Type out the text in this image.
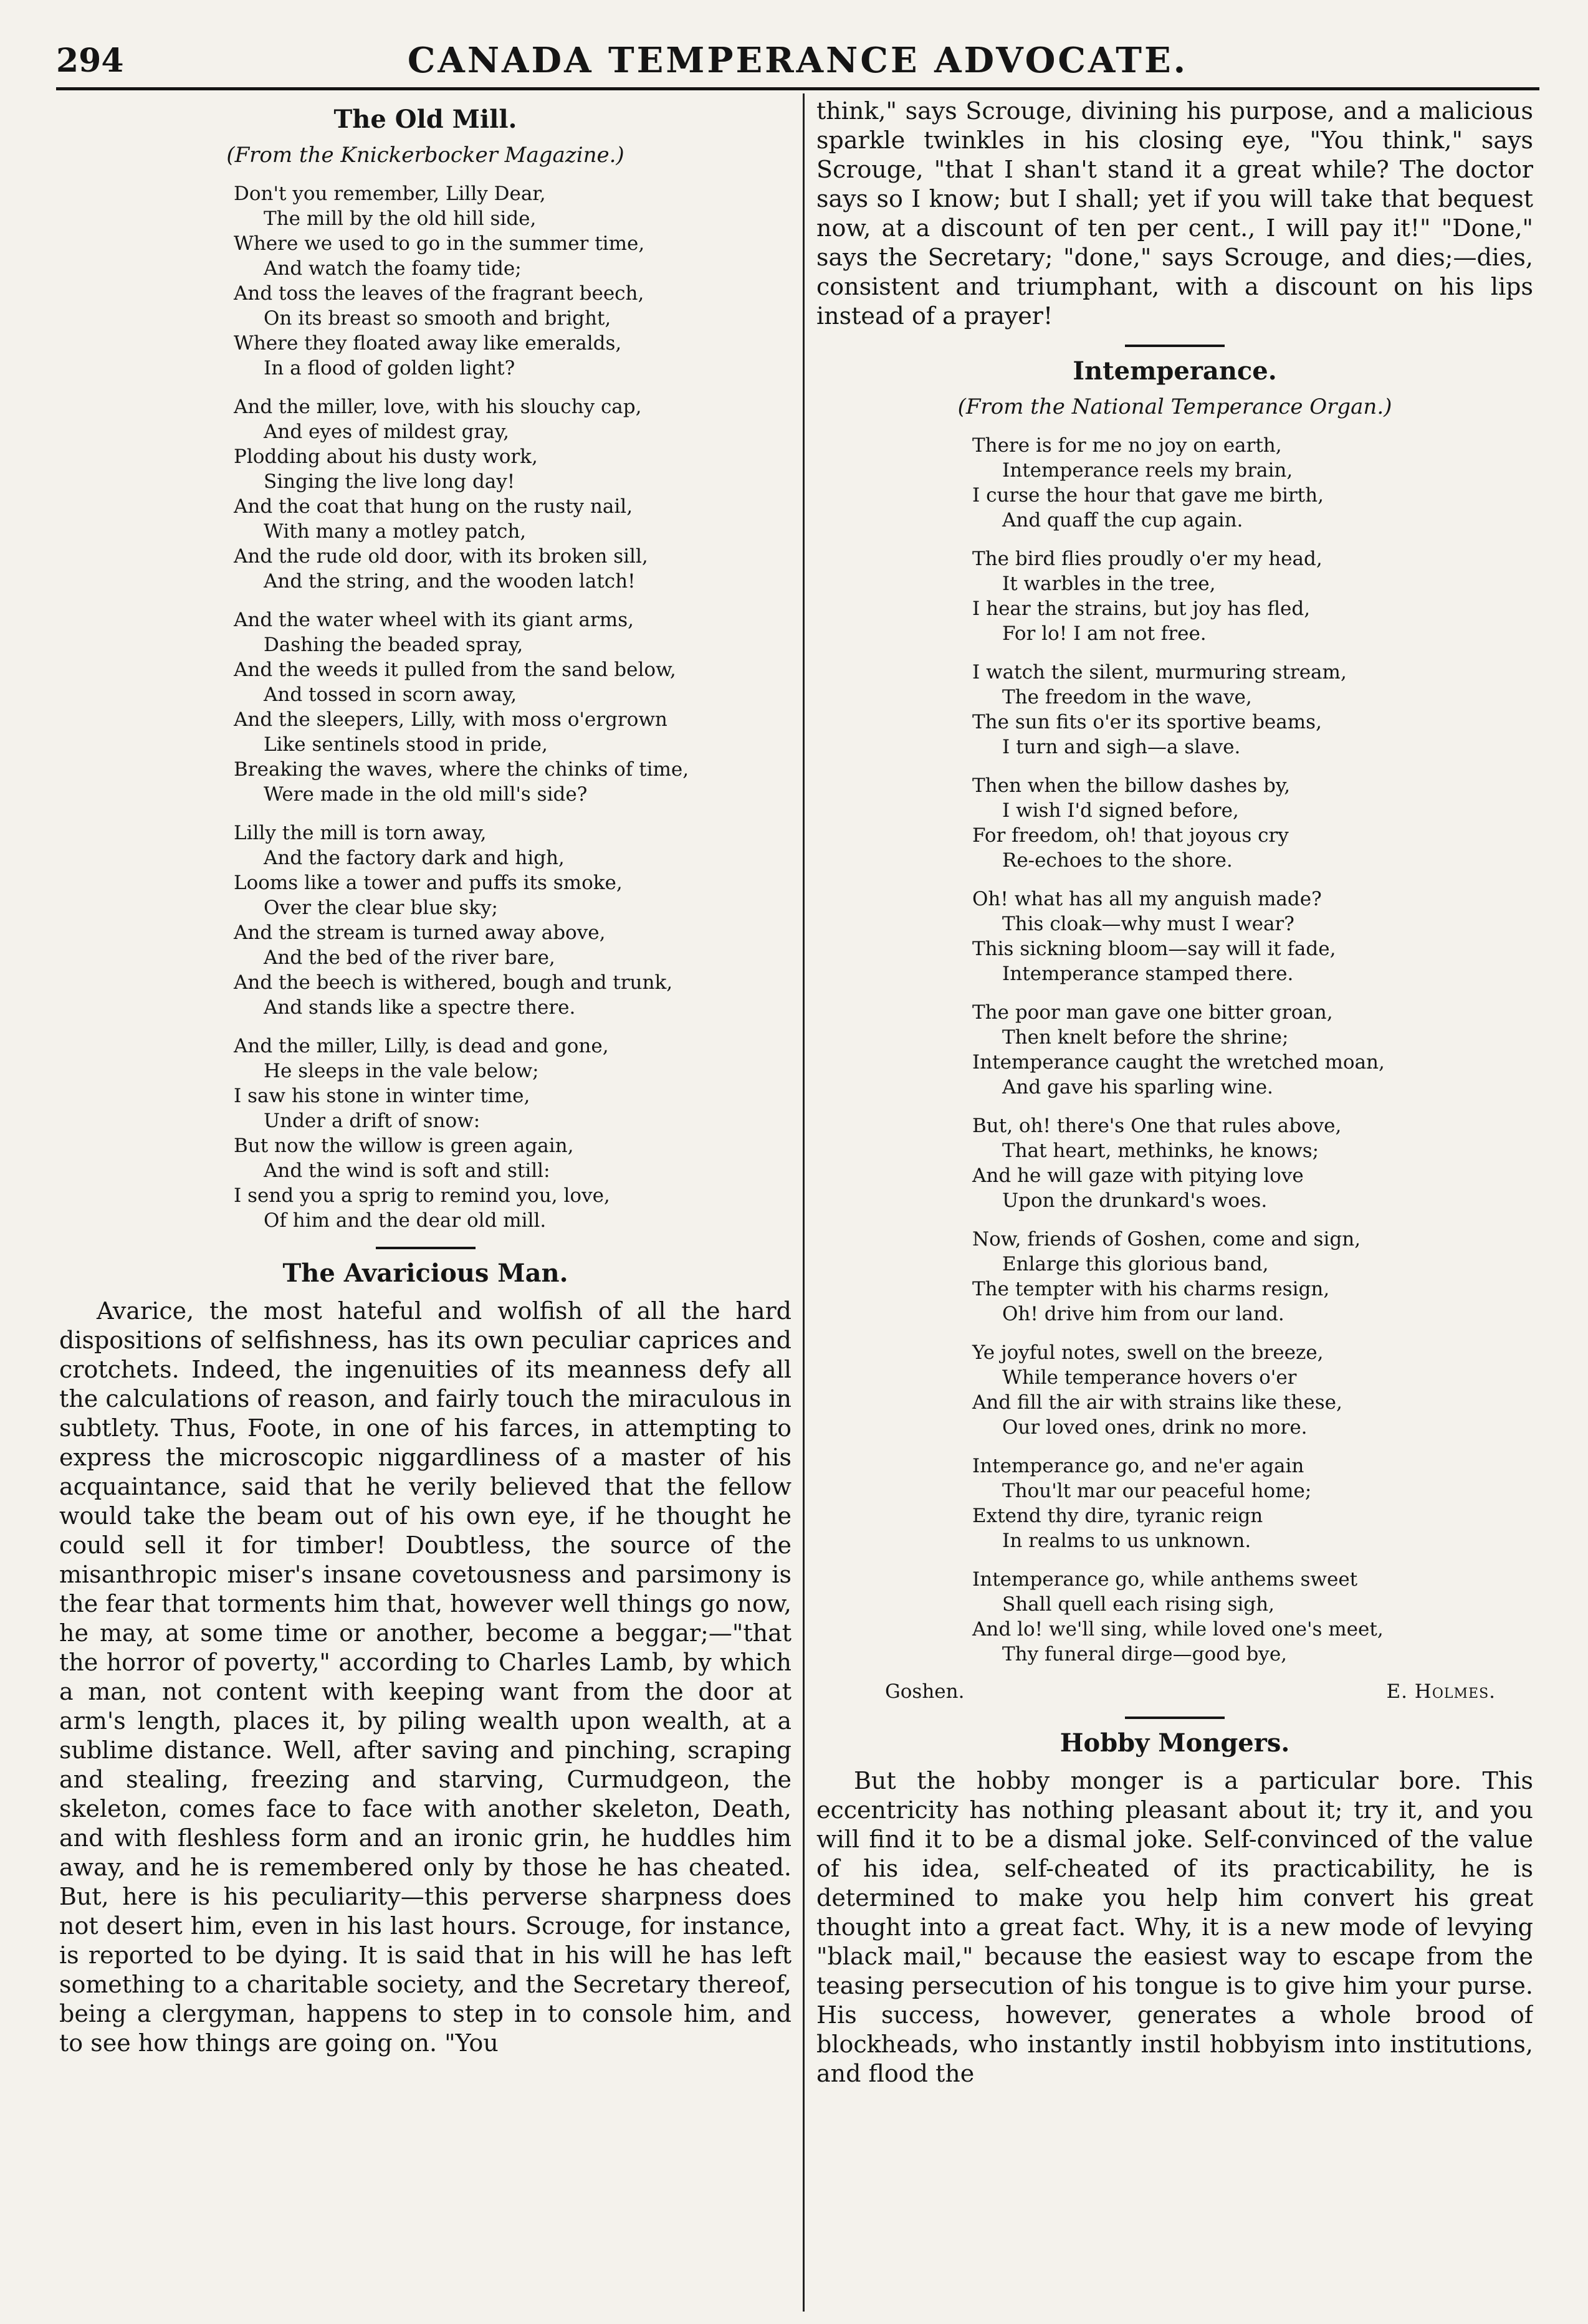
294	CANADA TEMPERANCE ADVOCATE.
The Old Mill.
(From the Knickerbocker Magazine.)
Don't you remember, Lilly Dear,
The mill by the old hill side,
Where we used to go in the summer time,
And watch the foamy tide;
And toss the leaves of the fragrant beech,
On its breast so smooth and bright,
Where they floated away like emeralds,
In a flood of golden light?
And the miller, love, with his slouchy cap,
And eyes of mildest gray,
Plodding about his dusty work,
Singing the live long day!
And the coat that hung on the rusty nail,
With many a motley patch,
And the rude old door, with its broken sill,
And the string, and the wooden latch!
And the water wheel with its giant arms,
Dashing the beaded spray,
And the weeds it pulled from the sand below,
And tossed in scorn away,
And the sleepers, Lilly, with moss o'ergrown
Like sentinels stood in pride,
Breaking the waves, where the chinks of time,
Were made in the old mill's side?
Lilly the mill is torn away,
And the factory dark and high,
Looms like a tower and puffs its smoke,
Over the clear blue sky;
And the stream is turned away above,
And the bed of the river bare,
And the beech is withered, bough and trunk,
And stands like a spectre there.
And the miller, Lilly, is dead and gone,
He sleeps in the vale below;
I saw his stone in winter time,
Under a drift of snow:
But now the willow is green again,
And the wind is soft and still:
I send you a sprig to remind you, love,
Of him and the dear old mill.
The Avaricious Man.

Avarice, the most hateful and wolfish of all the hard dispositions of selfishness, has its own peculiar caprices and crotchets. Indeed, the ingenuities of its meanness defy all the calculations of reason, and fairly touch the miraculous in subtlety. Thus, Foote, in one of his farces, in attempting to express the microscopic niggardliness of a master of his acquaintance, said that he verily believed that the fellow would take the beam out of his own eye, if he thought he could sell it for timber! Doubtless, the source of the misanthropic miser's insane covetousness and parsimony is the fear that torments him that, however well things go now, he may, at some time or another, become a beggar;—"that the horror of poverty," according to Charles Lamb, by which a man, not content with keeping want from the door at arm's length, places it, by piling wealth upon wealth, at a sublime distance. Well, after saving and pinching, scraping and stealing, freezing and starving, Curmudgeon, the skeleton, comes face to face with another skeleton, Death, and with fleshless form and an ironic grin, he huddles him away, and he is remembered only by those he has cheated. But, here is his peculiarity—this perverse sharpness does not desert him, even in his last hours. Scrouge, for instance, is reported to be dying. It is said that in his will he has left something to a charitable society, and the Secretary thereof, being a clergyman, happens to step in to console him, and to see how things are going on. "You

think," says Scrouge, divining his purpose, and a malicious sparkle twinkles in his closing eye, "You think," says Scrouge, "that I shan't stand it a great while? The doctor says so I know; but I shall; yet if you will take that bequest now, at a discount of ten per cent., I will pay it!" "Done," says the Secretary; "done," says Scrouge, and dies;—dies, consistent and triumphant, with a discount on his lips instead of a prayer!

Intemperance.
(From the National Temperance Organ.)
There is for me no joy on earth,
Intemperance reels my brain,
I curse the hour that gave me birth,
And quaff the cup again.
The bird flies proudly o'er my head,
It warbles in the tree,
I hear the strains, but joy has fled,
For lo! I am not free.
I watch the silent, murmuring stream,
The freedom in the wave,
The sun fits o'er its sportive beams,
I turn and sigh—a slave.
Then when the billow dashes by,
I wish I'd signed before,
For freedom, oh! that joyous cry
Re-echoes to the shore.
Oh! what has all my anguish made?
This cloak—why must I wear?
This sickning bloom—say will it fade,
Intemperance stamped there.
The poor man gave one bitter groan,
Then knelt before the shrine;
Intemperance caught the wretched moan,
And gave his sparling wine.
But, oh! there's One that rules above,
That heart, methinks, he knows;
And he will gaze with pitying love
Upon the drunkard's woes.
Now, friends of Goshen, come and sign,
Enlarge this glorious band,
The tempter with his charms resign,
Oh! drive him from our land.
Ye joyful notes, swell on the breeze,
While temperance hovers o'er
And fill the air with strains like these,
Our loved ones, drink no more.
Intemperance go, and ne'er again
Thou'lt mar our peaceful home;
Extend thy dire, tyranic reign
In realms to us unknown.
Intemperance go, while anthems sweet
Shall quell each rising sigh,
And lo! we'll sing, while loved one's meet,
Thy funeral dirge—good bye,
Goshen.	E. Holmes.
Hobby Mongers.

But the hobby monger is a particular bore. This eccentricity has nothing pleasant about it; try it, and you will find it to be a dismal joke. Self-convinced of the value of his idea, self-cheated of its practicability, he is determined to make you help him convert his great thought into a great fact. Why, it is a new mode of levying "black mail," because the easiest way to escape from the teasing persecution of his tongue is to give him your purse. His success, however, generates a whole brood of blockheads, who instantly instil hobbyism into institutions, and flood the
